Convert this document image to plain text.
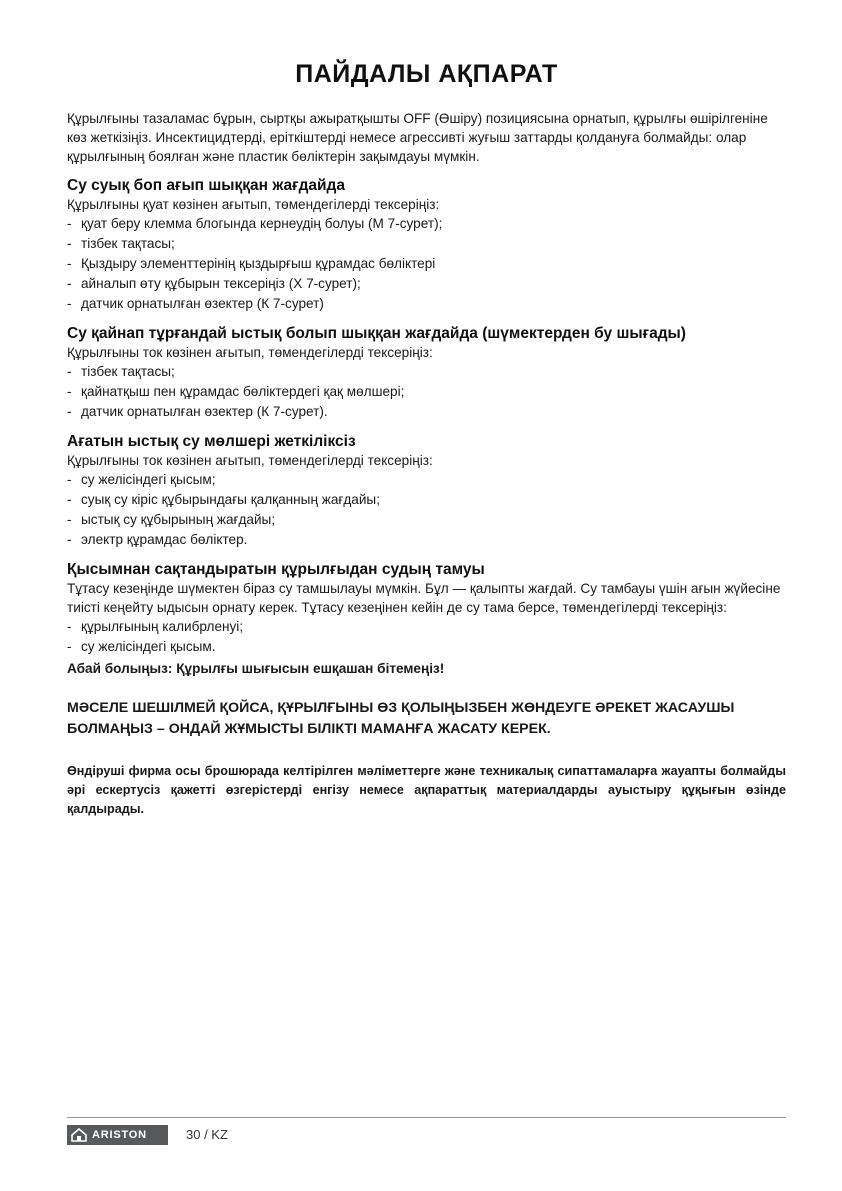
ПАЙДАЛЫ АҚПАРАТ

Құрылғыны тазаламас бұрын, сыртқы ажыратқышты OFF (Өшіру) позициясына орнатып, құрылғы өшірілгеніне көз жеткізіңіз. Инсектицидтерді, еріткіштерді немесе агрессивті жуғыш заттарды қолдануға болмайды: олар құрылғының боялған және пластик бөліктерін зақымдауы мүмкін.

Су суық боп ағып шыққан жағдайда

Құрылғыны қуат көзінен ағытып, төмендегілерді тексеріңіз:

- қуат беру клемма блогында кернеудің болуы (М 7-сурет);
- тізбек тақтасы;
- Қыздыру элементтерінің қыздырғыш құрамдас бөліктері
- айналып өту құбырын тексеріңіз (Х 7-сурет);
- датчик орнатылған өзектер (К 7-сурет)
Су қайнап тұрғандай ыстық болып шыққан жағдайда (шүмектерден бу шығады)

Құрылғыны ток көзінен ағытып, төмендегілерді тексеріңіз:

- тізбек тақтасы;
- қайнатқыш пен құрамдас бөліктердегі қақ мөлшері;
- датчик орнатылған өзектер (К 7-сурет).
Ағатын ыстық су мөлшері жеткіліксіз

Құрылғыны ток көзінен ағытып, төмендегілерді тексеріңіз:

- су желісіндегі қысым;
- суық су кіріс құбырындағы қалқанның жағдайы;
- ыстық су құбырының жағдайы;
- электр құрамдас бөліктер.
Қысымнан сақтандыратын құрылғыдан судың тамуы

Тұтасу кезеңінде шүмектен біраз су тамшылауы мүмкін. Бұл — қалыпты жағдай. Су тамбауы үшін ағын жүйесіне тиісті кеңейту ыдысын орнату керек. Тұтасу кезеңінен кейін де су тама берсе, төмендегілерді тексеріңіз:

- құрылғының калибрленуі;
- су желісіндегі қысым.

Абай болыңыз: Құрылғы шығысын ешқашан бітемеңіз!

МӘСЕЛЕ ШЕШІЛМЕЙ ҚОЙСА, ҚҰРЫЛҒЫНЫ ӨЗ ҚОЛЫҢЫЗБЕН ЖӨНДЕУГЕ ӘРЕКЕТ ЖАСАУШЫ БОЛМАҢЫЗ – ОНДАЙ ЖҰМЫСТЫ БІЛІКТІ МАМАНҒА ЖАСАТУ КЕРЕК.

Өндіруші фирма осы брошюрада келтірілген мәліметтерге және техникалық сипаттамаларға жауапты болмайды әрі ескертусіз қажетті өзгерістерді енгізу немесе ақпараттық материалдарды ауыстыру құқығын өзінде қалдырады.

ARISTON	30 / KZ
